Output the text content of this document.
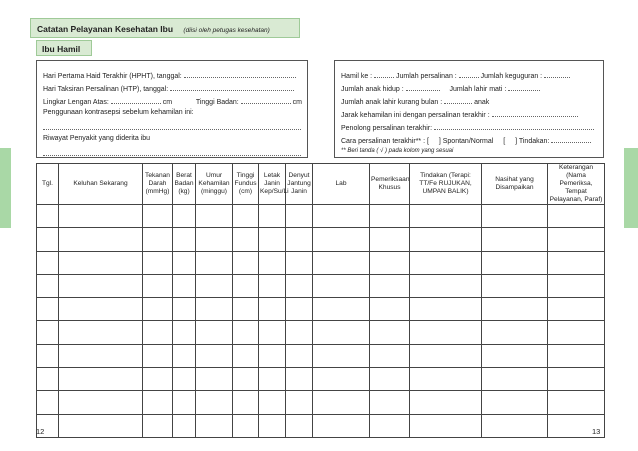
Catatan Pelayanan Kesehatan Ibu (diisi oleh petugas kesehatan)
Ibu Hamil
Hari Pertama Haid Terakhir (HPHT), tanggal:
Hari Taksiran Persalinan (HTP), tanggal:
Lingkar Lengan Atas:	cm	Tinggi Badan:	cm
Penggunaan kontrasepsi sebelum kehamilan ini:
Riwayat Penyakit yang diderita ibu
Hamil ke :	Jumlah persalinan :	Jumlah keguguran :
Jumlah anak hidup :	Jumlah lahir mati :
Jumlah anak lahir kurang bulan :	anak
Jarak kehamilan ini dengan persalinan terakhir :
Penolong persalinan terakhir:
Cara persalinan terakhir** : [ ] Spontan/Normal [ ] Tindakan:
** Beri tanda ( √ ) pada kolom yang sesuai
Tgl.	Keluhan Sekarang	Tekanan Darah (mmHg)	Berat Badan (kg)	Umur Kehamilan (minggu)	Tinggi Fundus (cm)	Letak Janin Kep/Su/Li	Denyut Jantung Janin	Lab	Pemeriksaan Khusus	Tindakan (Terapi: TT/Fe RUJUKAN, UMPAN BALIK)	Nasihat yang Disampaikan	Keterangan (Nama Pemeriksa, Tempat Pelayanan, Paraf)

12	13
